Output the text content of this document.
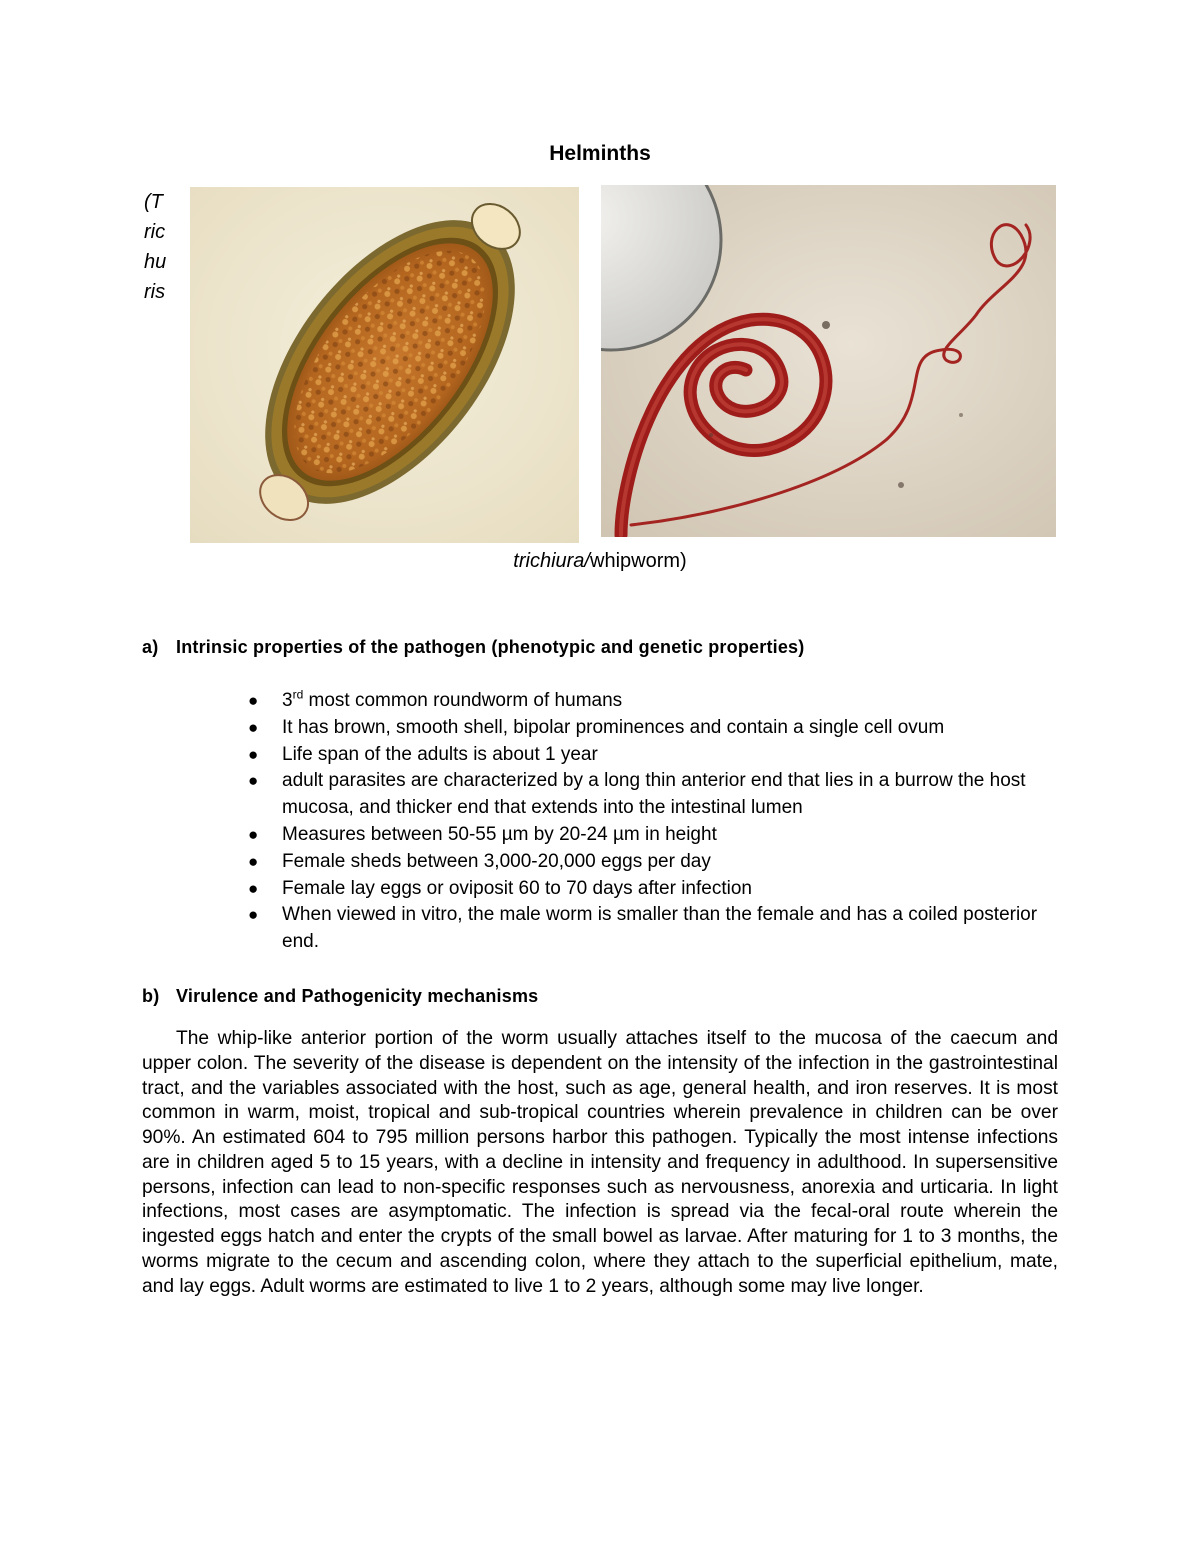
Helminths
(T
ric
hu
ris
trichiura/whipworm)
a) Intrinsic properties of the pathogen (phenotypic and genetic properties)
● 3rd most common roundworm of humans
● It has brown, smooth shell, bipolar prominences and contain a single cell ovum
● Life span of the adults is about 1 year
● adult parasites are characterized by a long thin anterior end that lies in a burrow the host mucosa, and thicker end that extends into the intestinal lumen
● Measures between 50-55 µm by 20-24 µm in height
● Female sheds between 3,000-20,000 eggs per day
● Female lay eggs or oviposit 60 to 70 days after infection
● When viewed in vitro, the male worm is smaller than the female and has a coiled posterior end.
b) Virulence and Pathogenicity mechanisms

The whip-like anterior portion of the worm usually attaches itself to the mucosa of the caecum and upper colon. The severity of the disease is dependent on the intensity of the infection in the gastrointestinal tract, and the variables associated with the host, such as age, general health, and iron reserves. It is most common in warm, moist, tropical and sub-tropical countries wherein prevalence in children can be over 90%. An estimated 604 to 795 million persons harbor this pathogen. Typically the most intense infections are in children aged 5 to 15 years, with a decline in intensity and frequency in adulthood. In supersensitive persons, infection can lead to non-specific responses such as nervousness, anorexia and urticaria. In light infections, most cases are asymptomatic. The infection is spread via the fecal-oral route wherein the ingested eggs hatch and enter the crypts of the small bowel as larvae. After maturing for 1 to 3 months, the worms migrate to the cecum and ascending colon, where they attach to the superficial epithelium, mate, and lay eggs. Adult worms are estimated to live 1 to 2 years, although some may live longer.
